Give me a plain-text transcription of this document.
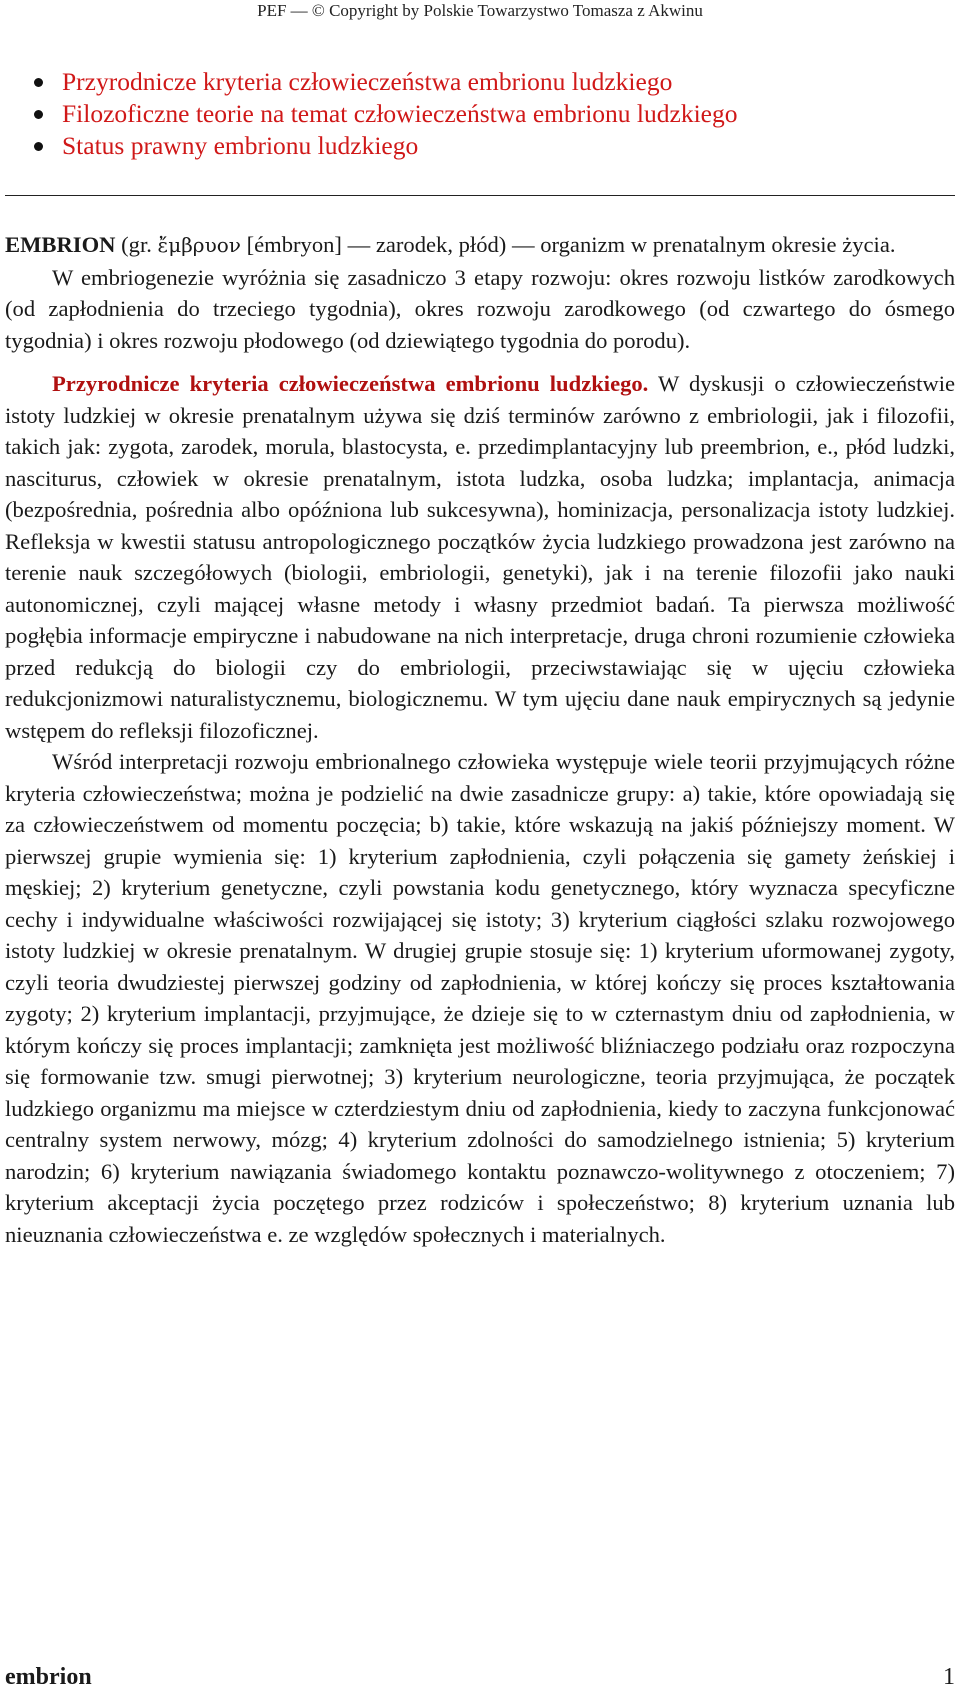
PEF — © Copyright by Polskie Towarzystwo Tomasza z Akwinu
Przyrodnicze kryteria człowieczeństwa embrionu ludzkiego
Filozoficzne teorie na temat człowieczeństwa embrionu ludzkiego
Status prawny embrionu ludzkiego

EMBRION (gr. ἔμβρυον [émbryon] — zarodek, płód) — organizm w prenatalnym okresie życia.

W embriogenezie wyróżnia się zasadniczo 3 etapy rozwoju: okres rozwoju listków zarodkowych (od zapłodnienia do trzeciego tygodnia), okres rozwoju zarodkowego (od czwartego do ósmego tygodnia) i okres rozwoju płodowego (od dziewiątego tygodnia do porodu).

Przyrodnicze kryteria człowieczeństwa embrionu ludzkiego. W dyskusji o człowieczeństwie istoty ludzkiej w okresie prenatalnym używa się dziś terminów zarówno z embriologii, jak i filozofii, takich jak: zygota, zarodek, morula, blastocysta, e. przedimplantacyjny lub preembrion, e., płód ludzki, nasciturus, człowiek w okresie prenatalnym, istota ludzka, osoba ludzka; implantacja, animacja (bezpośrednia, pośrednia albo opóźniona lub sukcesywna), hominizacja, personalizacja istoty ludzkiej. Refleksja w kwestii statusu antropologicznego początków życia ludzkiego prowadzona jest zarówno na terenie nauk szczegółowych (biologii, embriologii, genetyki), jak i na terenie filozofii jako nauki autonomicznej, czyli mającej własne metody i własny przedmiot badań. Ta pierwsza możliwość pogłębia informacje empiryczne i nabudowane na nich interpretacje, druga chroni rozumienie człowieka przed redukcją do biologii czy do embriologii, przeciwstawiając się w ujęciu człowieka redukcjonizmowi naturalistycznemu, biologicznemu. W tym ujęciu dane nauk empirycznych są jedynie wstępem do refleksji filozoficznej.

Wśród interpretacji rozwoju embrionalnego człowieka występuje wiele teorii przyjmujących różne kryteria człowieczeństwa; można je podzielić na dwie zasadnicze grupy: a) takie, które opowiadają się za człowieczeństwem od momentu poczęcia; b) takie, które wskazują na jakiś późniejszy moment. W pierwszej grupie wymienia się: 1) kryterium zapłodnienia, czyli połączenia się gamety żeńskiej i męskiej; 2) kryterium genetyczne, czyli powstania kodu genetycznego, który wyznacza specyficzne cechy i indywidualne właściwości rozwijającej się istoty; 3) kryterium ciągłości szlaku rozwojowego istoty ludzkiej w okresie prenatalnym. W drugiej grupie stosuje się: 1) kryterium uformowanej zygoty, czyli teoria dwudziestej pierwszej godziny od zapłodnienia, w której kończy się proces kształtowania zygoty; 2) kryterium implantacji, przyjmujące, że dzieje się to w czternastym dniu od zapłodnienia, w którym kończy się proces implantacji; zamknięta jest możliwość bliźniaczego podziału oraz rozpoczyna się formowanie tzw. smugi pierwotnej; 3) kryterium neurologiczne, teoria przyjmująca, że początek ludzkiego organizmu ma miejsce w czterdziestym dniu od zapłodnienia, kiedy to zaczyna funkcjonować centralny system nerwowy, mózg; 4) kryterium zdolności do samodzielnego istnienia; 5) kryterium narodzin; 6) kryterium nawiązania świadomego kontaktu poznawczo-wolitywnego z otoczeniem; 7) kryterium akceptacji życia poczętego przez rodziców i społeczeństwo; 8) kryterium uznania lub nieuznania człowieczeństwa e. ze względów społecznych i materialnych.

embrion	1
